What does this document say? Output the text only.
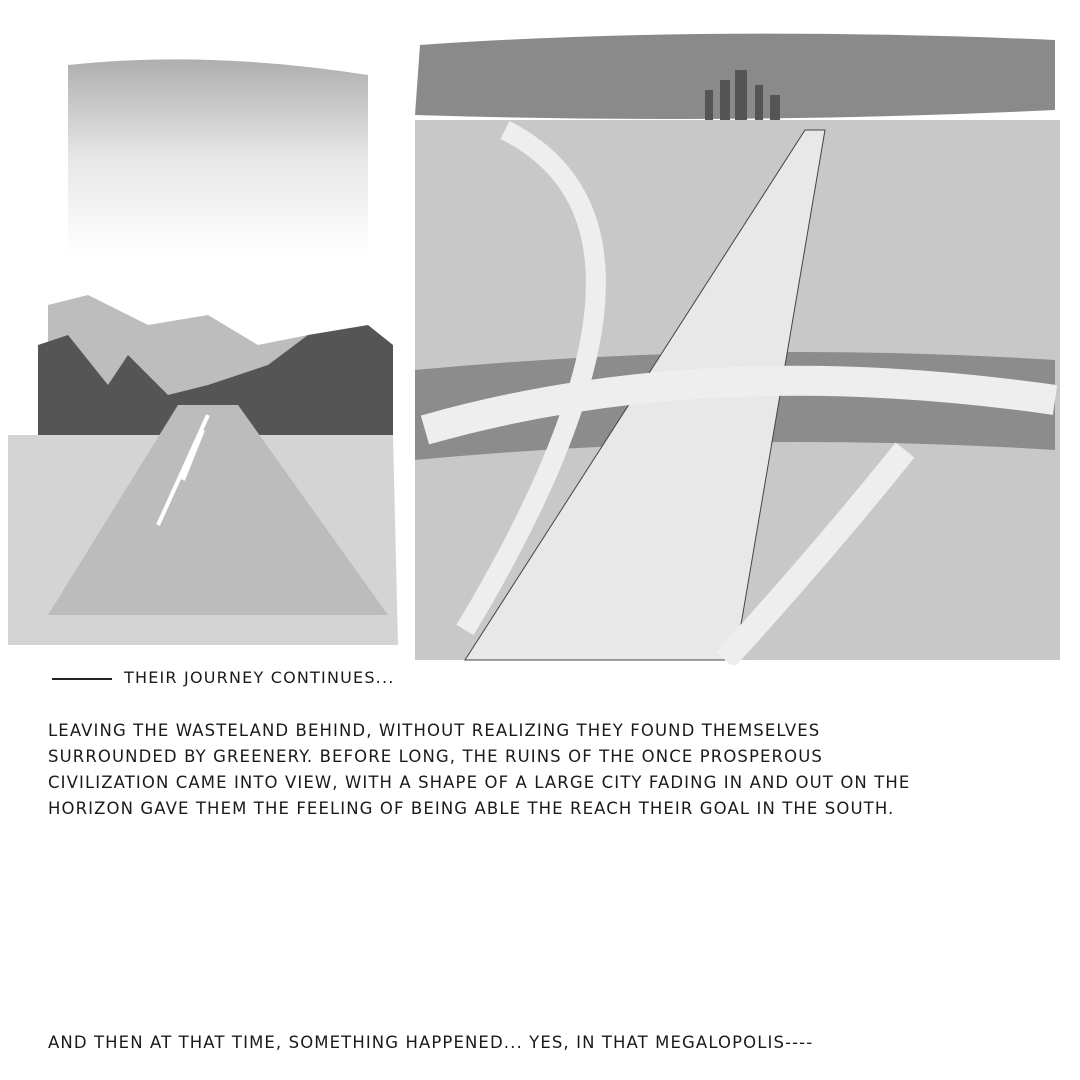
THEIR JOURNEY CONTINUES...
LEAVING THE WASTELAND BEHIND, WITHOUT REALIZING THEY FOUND THEMSELVES
SURROUNDED BY GREENERY. BEFORE LONG, THE RUINS OF THE ONCE PROSPEROUS
CIVILIZATION CAME INTO VIEW, WITH A SHAPE OF A LARGE CITY FADING IN AND OUT ON THE
HORIZON GAVE THEM THE FEELING OF BEING ABLE THE REACH THEIR GOAL IN THE SOUTH.
AND THEN AT THAT TIME, SOMETHING HAPPENED... YES, IN THAT MEGALOPOLIS----
